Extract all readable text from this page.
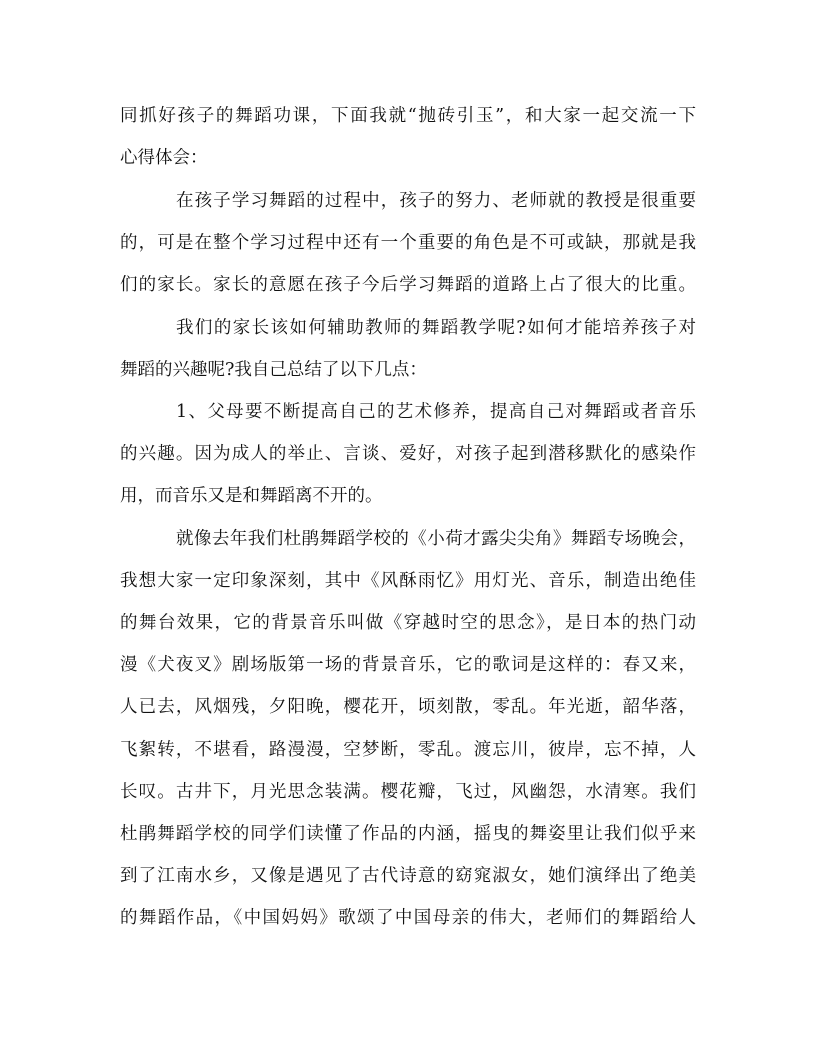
同抓好孩子的舞蹈功课，下面我就“抛砖引玉”，和大家一起交流一下
心得体会：
在孩子学习舞蹈的过程中，孩子的努力、老师就的教授是很重要
的，可是在整个学习过程中还有一个重要的角色是不可或缺，那就是我
们的家长。家长的意愿在孩子今后学习舞蹈的道路上占了很大的比重。
我们的家长该如何辅助教师的舞蹈教学呢?如何才能培养孩子对
舞蹈的兴趣呢?我自己总结了以下几点：
1、父母要不断提高自己的艺术修养，提高自己对舞蹈或者音乐
的兴趣。因为成人的举止、言谈、爱好，对孩子起到潜移默化的感染作
用，而音乐又是和舞蹈离不开的。
就像去年我们杜鹃舞蹈学校的《小荷才露尖尖角》舞蹈专场晚会，
我想大家一定印象深刻，其中《风酥雨忆》用灯光、音乐，制造出绝佳
的舞台效果，它的背景音乐叫做《穿越时空的思念》，是日本的热门动
漫《犬夜叉》剧场版第一场的背景音乐，它的歌词是这样的：春又来，
人已去，风烟残，夕阳晚，樱花开，顷刻散，零乱。年光逝，韶华落，
飞絮转，不堪看，路漫漫，空梦断，零乱。渡忘川，彼岸，忘不掉，人
长叹。古井下，月光思念装满。樱花瓣，飞过，风幽怨，水清寒。我们
杜鹃舞蹈学校的同学们读懂了作品的内涵，摇曳的舞姿里让我们似乎来
到了江南水乡，又像是遇见了古代诗意的窈窕淑女，她们演绎出了绝美
的舞蹈作品，《中国妈妈》歌颂了中国母亲的伟大，老师们的舞蹈给人
